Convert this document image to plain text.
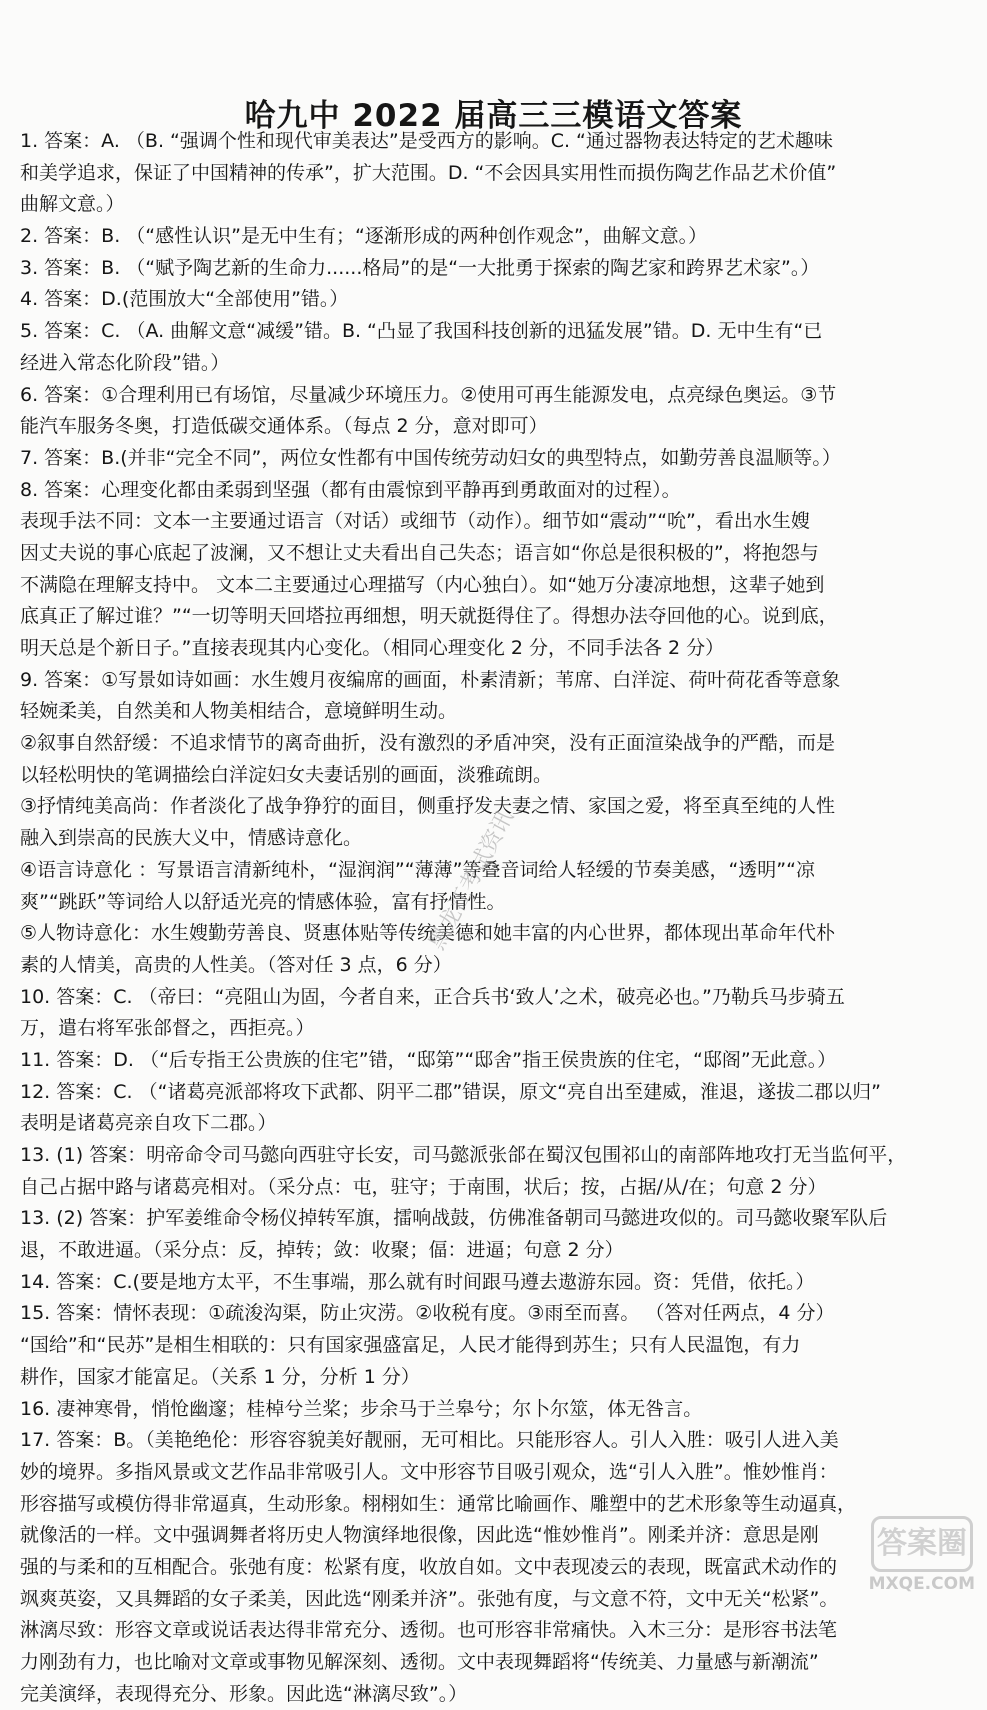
哈九中 2022 届高三三模语文答案
1. 答案：A. （B. “强调个性和现代审美表达”是受西方的影响。C. “通过器物表达特定的艺术趣味
和美学追求，保证了中国精神的传承”，扩大范围。D. “不会因具实用性而损伤陶艺作品艺术价值”
曲解文意。）
2. 答案：B. （“感性认识”是无中生有；“逐渐形成的两种创作观念”，曲解文意。）
3. 答案：B. （“赋予陶艺新的生命力......格局”的是“一大批勇于探索的陶艺家和跨界艺术家”。）
4. 答案：D.(范围放大“全部使用”错。）
5. 答案：C. （A. 曲解文意“减缓”错。B. “凸显了我国科技创新的迅猛发展”错。D. 无中生有“已
经进入常态化阶段”错。）
6. 答案：①合理利用已有场馆，尽量减少环境压力。②使用可再生能源发电，点亮绿色奥运。③节
能汽车服务冬奥，打造低碳交通体系。（每点 2 分，意对即可）
7. 答案：B.(并非“完全不同”，两位女性都有中国传统劳动妇女的典型特点，如勤劳善良温顺等。）
8. 答案：心理变化都由柔弱到坚强（都有由震惊到平静再到勇敢面对的过程）。
表现手法不同：文本一主要通过语言（对话）或细节（动作）。细节如“震动”“吮”，看出水生嫂
因丈夫说的事心底起了波澜，又不想让丈夫看出自己失态；语言如“你总是很积极的”，将抱怨与
不满隐在理解支持中。 文本二主要通过心理描写（内心独白）。如“她万分凄凉地想，这辈子她到
底真正了解过谁？”“一切等明天回塔拉再细想，明天就挺得住了。得想办法夺回他的心。说到底，
明天总是个新日子。”直接表现其内心变化。（相同心理变化 2 分，不同手法各 2 分）
9. 答案：①写景如诗如画：水生嫂月夜编席的画面，朴素清新；苇席、白洋淀、荷叶荷花香等意象
轻婉柔美，自然美和人物美相结合，意境鲜明生动。
②叙事自然舒缓：不追求情节的离奇曲折，没有激烈的矛盾冲突，没有正面渲染战争的严酷，而是
以轻松明快的笔调描绘白洋淀妇女夫妻话别的画面，淡雅疏朗。
③抒情纯美高尚：作者淡化了战争狰狞的面目，侧重抒发夫妻之情、家国之爱，将至真至纯的人性
融入到崇高的民族大义中，情感诗意化。
④语言诗意化 ：写景语言清新纯朴，“湿润润”“薄薄”等叠音词给人轻缓的节奏美感，“透明”“凉
爽”“跳跃”等词给人以舒适光亮的情感体验，富有抒情性。
⑤人物诗意化：水生嫂勤劳善良、贤惠体贴等传统美德和她丰富的内心世界，都体现出革命年代朴
素的人情美，高贵的人性美。（答对任 3 点，6 分）
10. 答案：C. （帝曰：“亮阻山为固，今者自来，正合兵书‘致人’之术，破亮必也。”乃勒兵马步骑五
万，遣右将军张郃督之，西拒亮。）
11. 答案：D. （“后专指王公贵族的住宅”错，“邸第”“邸舍”指王侯贵族的住宅，“邸阁”无此意。）
12. 答案：C. （“诸葛亮派部将攻下武都、阴平二郡”错误，原文“亮自出至建威，淮退，遂拔二郡以归”
表明是诸葛亮亲自攻下二郡。）
13. (1) 答案：明帝命令司马懿向西驻守长安，司马懿派张郃在蜀汉包围祁山的南部阵地攻打无当监何平，
自己占据中路与诸葛亮相对。（采分点：屯，驻守；于南围，状后；按，占据/从/在；句意 2 分）
13. (2) 答案：护军姜维命令杨仪掉转军旗，擂响战鼓，仿佛准备朝司马懿进攻似的。司马懿收聚军队后
退，不敢进逼。（采分点：反，掉转；敛：收聚；偪：进逼；句意 2 分）
14. 答案：C.(要是地方太平，不生事端，那么就有时间跟马遵去遨游东园。资：凭借，依托。）
15. 答案：情怀表现：①疏浚沟渠，防止灾涝。②收税有度。③雨至而喜。 （答对任两点，4 分）
“国给”和“民苏”是相生相联的：只有国家强盛富足，人民才能得到苏生；只有人民温饱，有力
耕作，国家才能富足。（关系 1 分，分析 1 分）
16. 凄神寒骨，悄怆幽邃；桂棹兮兰桨；步余马于兰皋兮；尔卜尔筮，体无咎言。
17. 答案：B。（美艳绝伦：形容容貌美好靓丽，无可相比。只能形容人。引人入胜：吸引人进入美
妙的境界。多指风景或文艺作品非常吸引人。文中形容节目吸引观众，选“引人入胜”。惟妙惟肖：
形容描写或模仿得非常逼真，生动形象。栩栩如生：通常比喻画作、雕塑中的艺术形象等生动逼真，
就像活的一样。文中强调舞者将历史人物演绎地很像，因此选“惟妙惟肖”。刚柔并济：意思是刚
强的与柔和的互相配合。张弛有度：松紧有度，收放自如。文中表现凌云的表现，既富武术动作的
飒爽英姿，又具舞蹈的女子柔美，因此选“刚柔并济”。张弛有度，与文意不符，文中无关“松紧”。
淋漓尽致：形容文章或说话表达得非常充分、透彻。也可形容非常痛快。入木三分：是形容书法笔
力刚劲有力，也比喻对文章或事物见解深刻、透彻。文中表现舞蹈将“传统美、力量感与新潮流”
完美演绎，表现得充分、形象。因此选“淋漓尽致”。）
黑龙江考试资讯
答案圈
MXQE.COM
